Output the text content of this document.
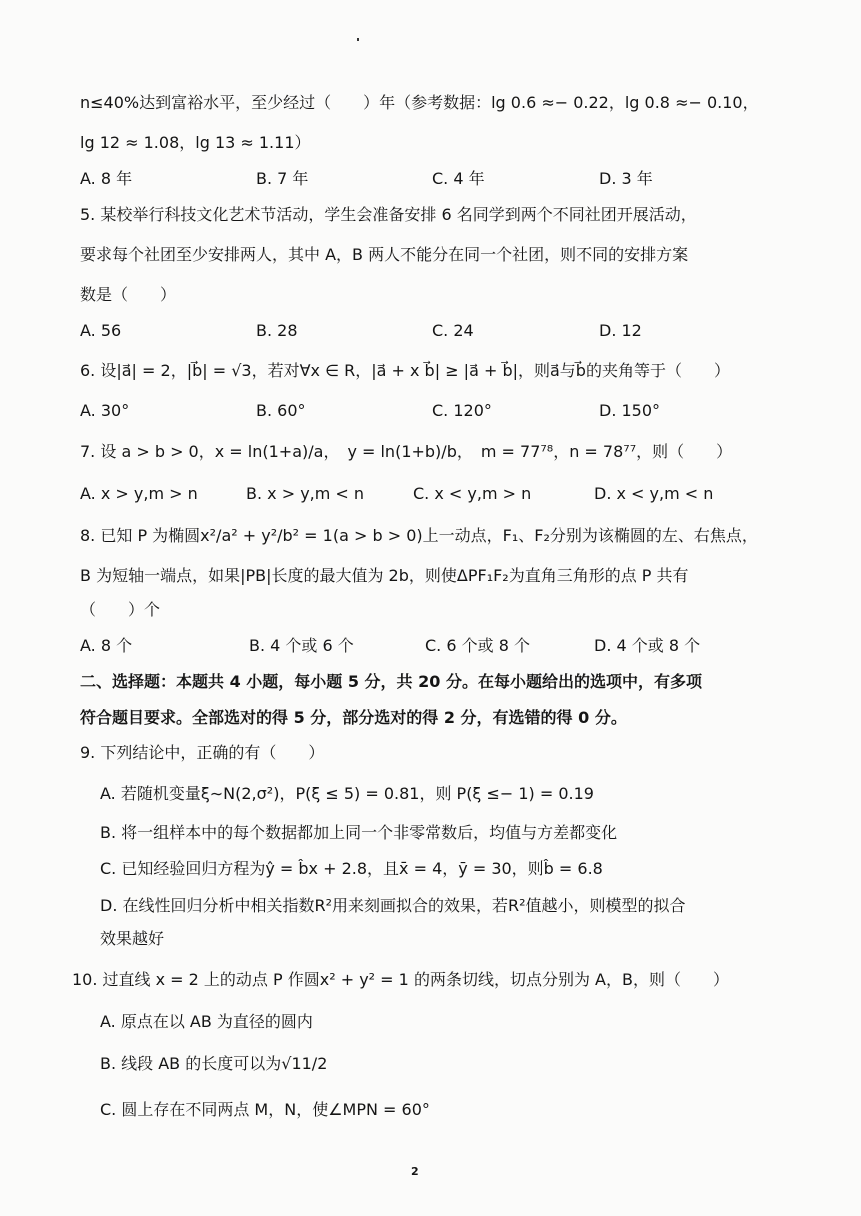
n≤40%达到富裕水平，至少经过（　　）年（参考数据：lg 0.6 ≈− 0.22，lg 0.8 ≈− 0.10，
lg 12 ≈ 1.08，lg 13 ≈ 1.11）
A. 8 年	B. 7 年	C. 4 年	D. 3 年
5. 某校举行科技文化艺术节活动，学生会准备安排 6 名同学到两个不同社团开展活动，
要求每个社团至少安排两人，其中 A，B 两人不能分在同一个社团，则不同的安排方案
数是（　　）
A. 56	B. 28	C. 24	D. 12
6. 设|a⃗| = 2，|b⃗| = √3，若对∀x ∈ R，|a⃗ + x b⃗| ≥ |a⃗ + b⃗|，则a⃗与b⃗的夹角等于（　　）
A. 30°	B. 60°	C. 120°	D. 150°
7. 设 a > b > 0，x = ln(1+a)/a，　y = ln(1+b)/b，　m = 77⁷⁸，n = 78⁷⁷，则（　　）
A. x > y,m > n	B. x > y,m < n	C. x < y,m > n	D. x < y,m < n
8. 已知 P 为椭圆x²/a² + y²/b² = 1(a > b > 0)上一动点，F₁、F₂分别为该椭圆的左、右焦点，
B 为短轴一端点，如果|PB|长度的最大值为 2b，则使ΔPF₁F₂为直角三角形的点 P 共有
（　　）个
A. 8 个	B. 4 个或 6 个	C. 6 个或 8 个	D. 4 个或 8 个
二、选择题：本题共 4 小题，每小题 5 分，共 20 分。在每小题给出的选项中，有多项
符合题目要求。全部选对的得 5 分，部分选对的得 2 分，有选错的得 0 分。
9. 下列结论中，正确的有（　　）
A. 若随机变量ξ∼N(2,σ²)，P(ξ ≤ 5) = 0.81，则 P(ξ ≤− 1) = 0.19
B. 将一组样本中的每个数据都加上同一个非零常数后，均值与方差都变化
C. 已知经验回归方程为ŷ = b̂x + 2.8，且x̄ = 4，ȳ = 30，则b̂ = 6.8
D. 在线性回归分析中相关指数R²用来刻画拟合的效果，若R²值越小，则模型的拟合
效果越好
10. 过直线 x = 2 上的动点 P 作圆x² + y² = 1 的两条切线，切点分别为 A，B，则（　　）
A. 原点在以 AB 为直径的圆内
B. 线段 AB 的长度可以为√11/2
C. 圆上存在不同两点 M，N，使∠MPN = 60°
2
